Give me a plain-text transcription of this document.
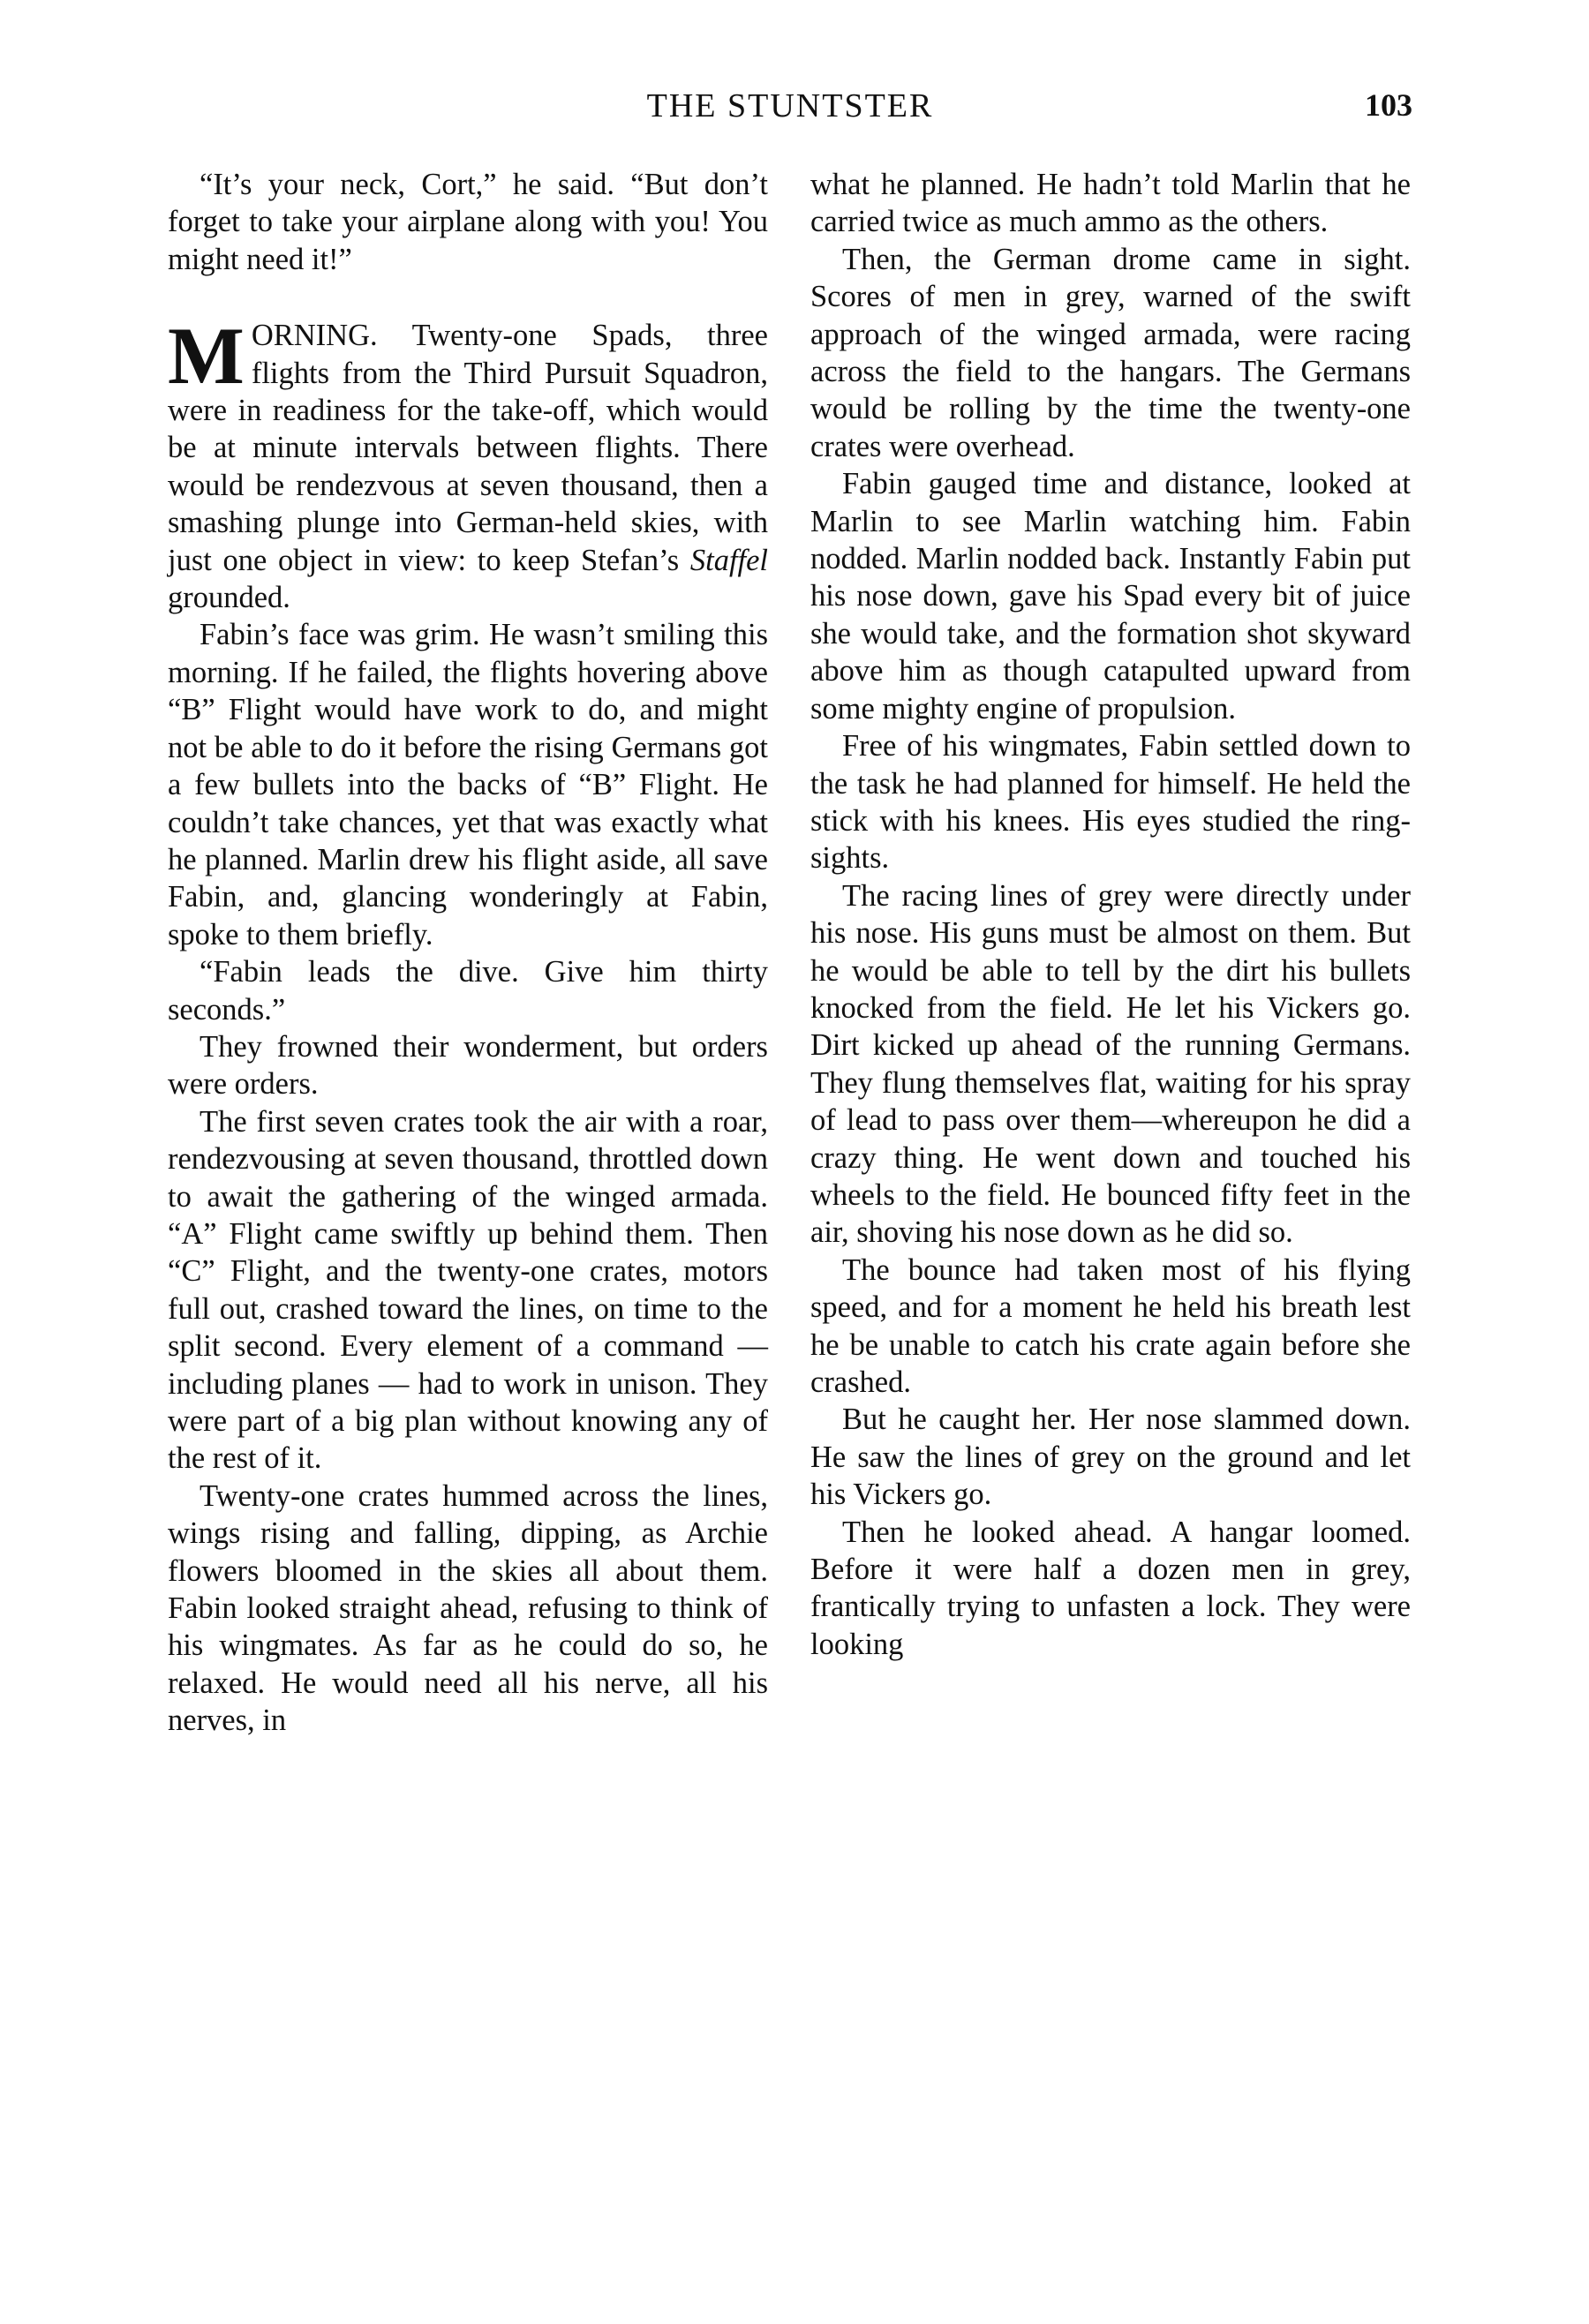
THE STUNTSTER	103

“It’s your neck, Cort,” he said. “But don’t forget to take your airplane along with you! You might need it!”

MORNING. Twenty-one Spads, three flights from the Third Pursuit Squadron, were in readiness for the take-off, which would be at minute intervals between flights. There would be rendezvous at seven thousand, then a smashing plunge into German-held skies, with just one object in view: to keep Stefan’s Staffel grounded.

Fabin’s face was grim. He wasn’t smiling this morning. If he failed, the flights hovering above “B” Flight would have work to do, and might not be able to do it before the rising Germans got a few bullets into the backs of “B” Flight. He couldn’t take chances, yet that was exactly what he planned. Marlin drew his flight aside, all save Fabin, and, glancing wonderingly at Fabin, spoke to them briefly.

“Fabin leads the dive. Give him thirty seconds.”

They frowned their wonderment, but orders were orders.

The first seven crates took the air with a roar, rendezvousing at seven thousand, throttled down to await the gathering of the winged armada. “A” Flight came swiftly up behind them. Then “C” Flight, and the twenty-one crates, motors full out, crashed toward the lines, on time to the split second. Every element of a command — including planes — had to work in unison. They were part of a big plan without knowing any of the rest of it.

Twenty-one crates hummed across the lines, wings rising and falling, dipping, as Archie flowers bloomed in the skies all about them. Fabin looked straight ahead, refusing to think of his wingmates. As far as he could do so, he relaxed. He would need all his nerve, all his nerves, in

what he planned. He hadn’t told Marlin that he carried twice as much ammo as the others.

Then, the German drome came in sight. Scores of men in grey, warned of the swift approach of the winged armada, were racing across the field to the hangars. The Germans would be rolling by the time the twenty-one crates were overhead.

Fabin gauged time and distance, looked at Marlin to see Marlin watching him. Fabin nodded. Marlin nodded back. Instantly Fabin put his nose down, gave his Spad every bit of juice she would take, and the formation shot skyward above him as though catapulted upward from some mighty engine of propulsion.

Free of his wingmates, Fabin settled down to the task he had planned for himself. He held the stick with his knees. His eyes studied the ring-sights.

The racing lines of grey were directly under his nose. His guns must be almost on them. But he would be able to tell by the dirt his bullets knocked from the field. He let his Vickers go. Dirt kicked up ahead of the running Germans. They flung themselves flat, waiting for his spray of lead to pass over them—whereupon he did a crazy thing. He went down and touched his wheels to the field. He bounced fifty feet in the air, shoving his nose down as he did so.

The bounce had taken most of his flying speed, and for a moment he held his breath lest he be unable to catch his crate again before she crashed.

But he caught her. Her nose slammed down. He saw the lines of grey on the ground and let his Vickers go.

Then he looked ahead. A hangar loomed. Before it were half a dozen men in grey, frantically trying to unfasten a lock. They were looking
